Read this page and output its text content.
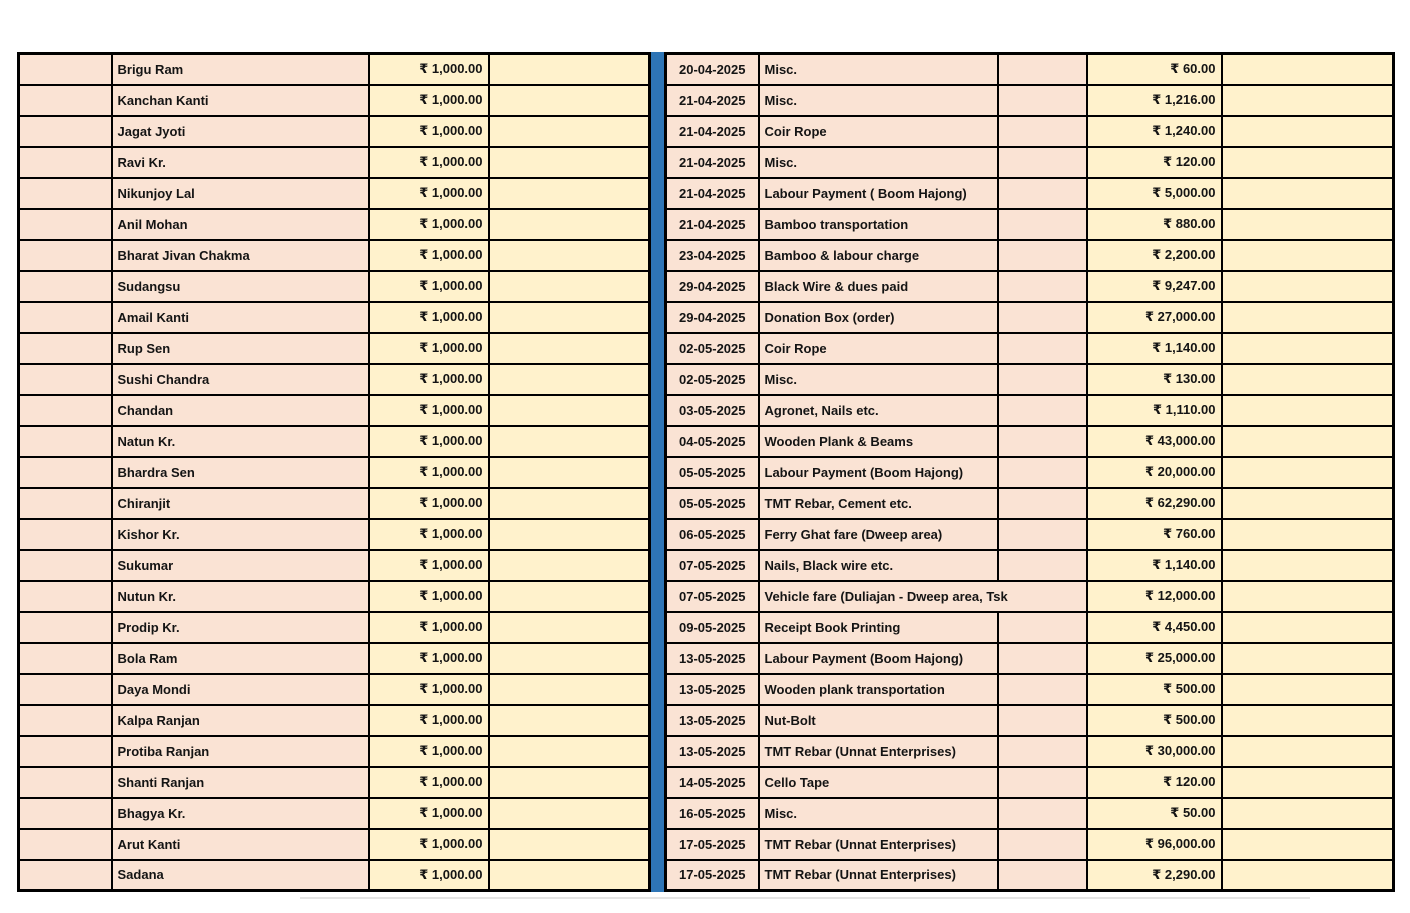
	Brigu Ram	₹ 1,000.00	
	Kanchan Kanti	₹ 1,000.00	
	Jagat Jyoti	₹ 1,000.00	
	Ravi Kr.	₹ 1,000.00	
	Nikunjoy Lal	₹ 1,000.00	
	Anil Mohan	₹ 1,000.00	
	Bharat Jivan Chakma	₹ 1,000.00	
	Sudangsu	₹ 1,000.00	
	Amail Kanti	₹ 1,000.00	
	Rup Sen	₹ 1,000.00	
	Sushi Chandra	₹ 1,000.00	
	Chandan	₹ 1,000.00	
	Natun Kr.	₹ 1,000.00	
	Bhardra Sen	₹ 1,000.00	
	Chiranjit	₹ 1,000.00	
	Kishor Kr.	₹ 1,000.00	
	Sukumar	₹ 1,000.00	
	Nutun Kr.	₹ 1,000.00	
	Prodip Kr.	₹ 1,000.00	
	Bola Ram	₹ 1,000.00	
	Daya Mondi	₹ 1,000.00	
	Kalpa Ranjan	₹ 1,000.00	
	Protiba Ranjan	₹ 1,000.00	
	Shanti Ranjan	₹ 1,000.00	
	Bhagya Kr.	₹ 1,000.00	
	Arut Kanti	₹ 1,000.00	
	Sadana	₹ 1,000.00	
20-04-2025	Misc.		₹ 60.00	
21-04-2025	Misc.		₹ 1,216.00	
21-04-2025	Coir Rope		₹ 1,240.00	
21-04-2025	Misc.		₹ 120.00	
21-04-2025	Labour Payment ( Boom Hajong)		₹ 5,000.00	
21-04-2025	Bamboo transportation		₹ 880.00	
23-04-2025	Bamboo & labour charge		₹ 2,200.00	
29-04-2025	Black Wire & dues paid		₹ 9,247.00	
29-04-2025	Donation Box (order)		₹ 27,000.00	
02-05-2025	Coir Rope		₹ 1,140.00	
02-05-2025	Misc.		₹ 130.00	
03-05-2025	Agronet, Nails etc.		₹ 1,110.00	
04-05-2025	Wooden Plank & Beams		₹ 43,000.00	
05-05-2025	Labour Payment (Boom Hajong)		₹ 20,000.00	
05-05-2025	TMT Rebar, Cement etc.		₹ 62,290.00	
06-05-2025	Ferry Ghat fare (Dweep area)		₹ 760.00	
07-05-2025	Nails, Black wire etc.		₹ 1,140.00	
07-05-2025	Vehicle fare (Duliajan - Dweep area, Tsk		₹ 12,000.00	
09-05-2025	Receipt Book Printing		₹ 4,450.00	
13-05-2025	Labour Payment (Boom Hajong)		₹ 25,000.00	
13-05-2025	Wooden plank transportation		₹ 500.00	
13-05-2025	Nut-Bolt		₹ 500.00	
13-05-2025	TMT Rebar (Unnat Enterprises)		₹ 30,000.00	
14-05-2025	Cello Tape		₹ 120.00	
16-05-2025	Misc.		₹ 50.00	
17-05-2025	TMT Rebar (Unnat Enterprises)		₹ 96,000.00	
17-05-2025	TMT Rebar (Unnat Enterprises)		₹ 2,290.00	
